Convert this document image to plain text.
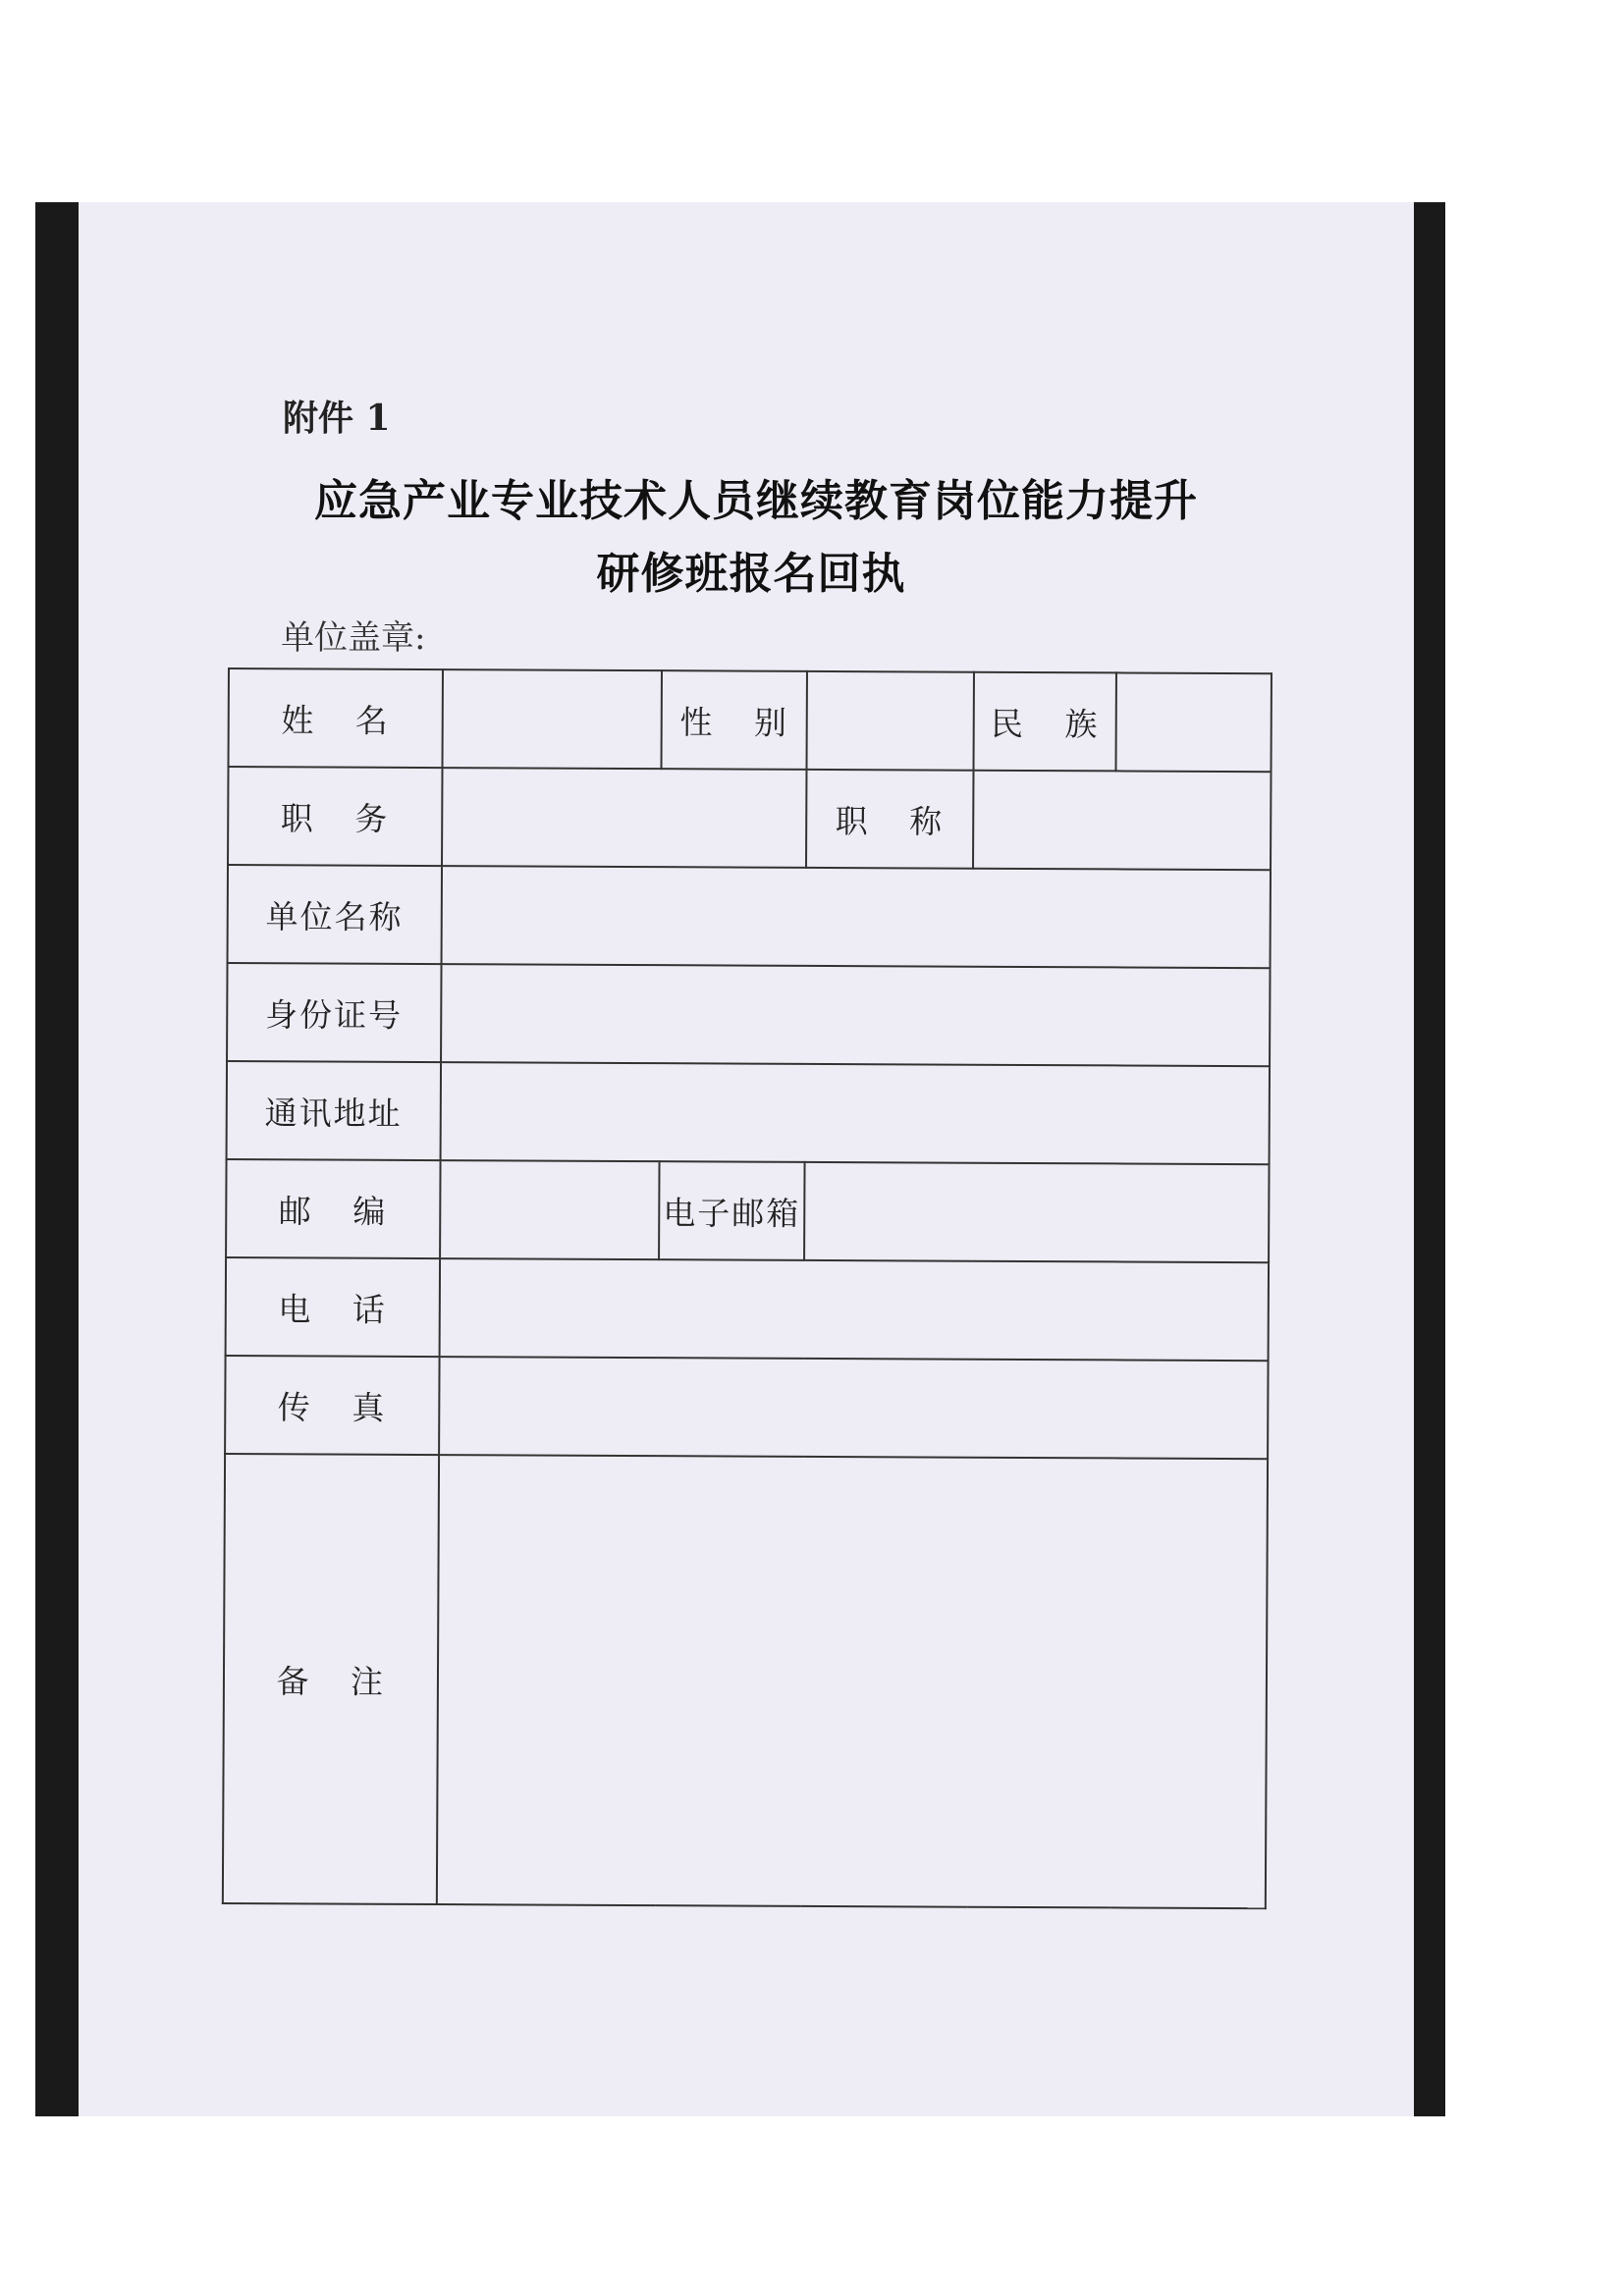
附件 1
应急产业专业技术人员继续教育岗位能力提升
研修班报名回执
单位盖章:
姓 名		性 别		民 族	
职 务			职 称		
单位名称					
身份证号					
通讯地址					
邮 编		电子邮箱			
电 话					
传 真					
备 注					
